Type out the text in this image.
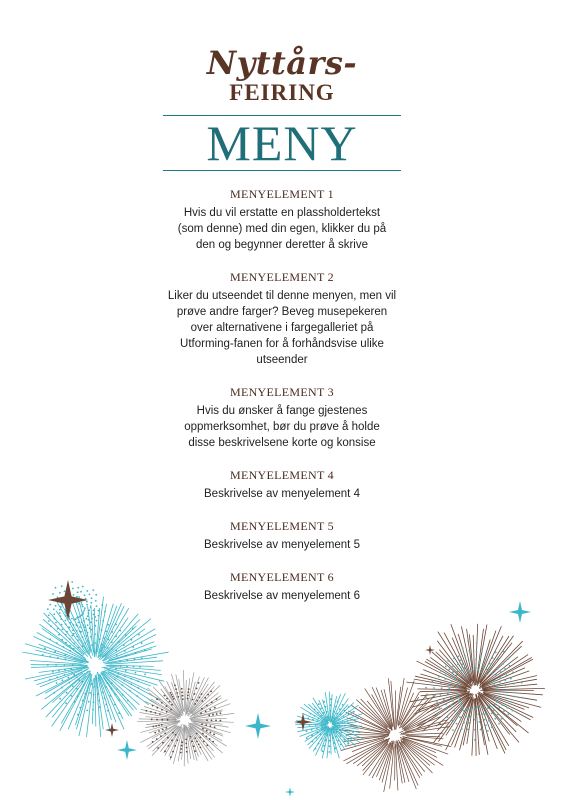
Nyttårs-
FEIRING
MENY
MENYELEMENT 1
Hvis du vil erstatte en plassholdertekst
(som denne) med din egen, klikker du på
den og begynner deretter å skrive
MENYELEMENT 2
Liker du utseendet til denne menyen, men vil
prøve andre farger? Beveg musepekeren
over alternativene i fargegalleriet på
Utforming-fanen for å forhåndsvise ulike
utseender
MENYELEMENT 3
Hvis du ønsker å fange gjestenes
oppmerksomhet, bør du prøve å holde
disse beskrivelsene korte og konsise
MENYELEMENT 4
Beskrivelse av menyelement 4
MENYELEMENT 5
Beskrivelse av menyelement 5
MENYELEMENT 6
Beskrivelse av menyelement 6
